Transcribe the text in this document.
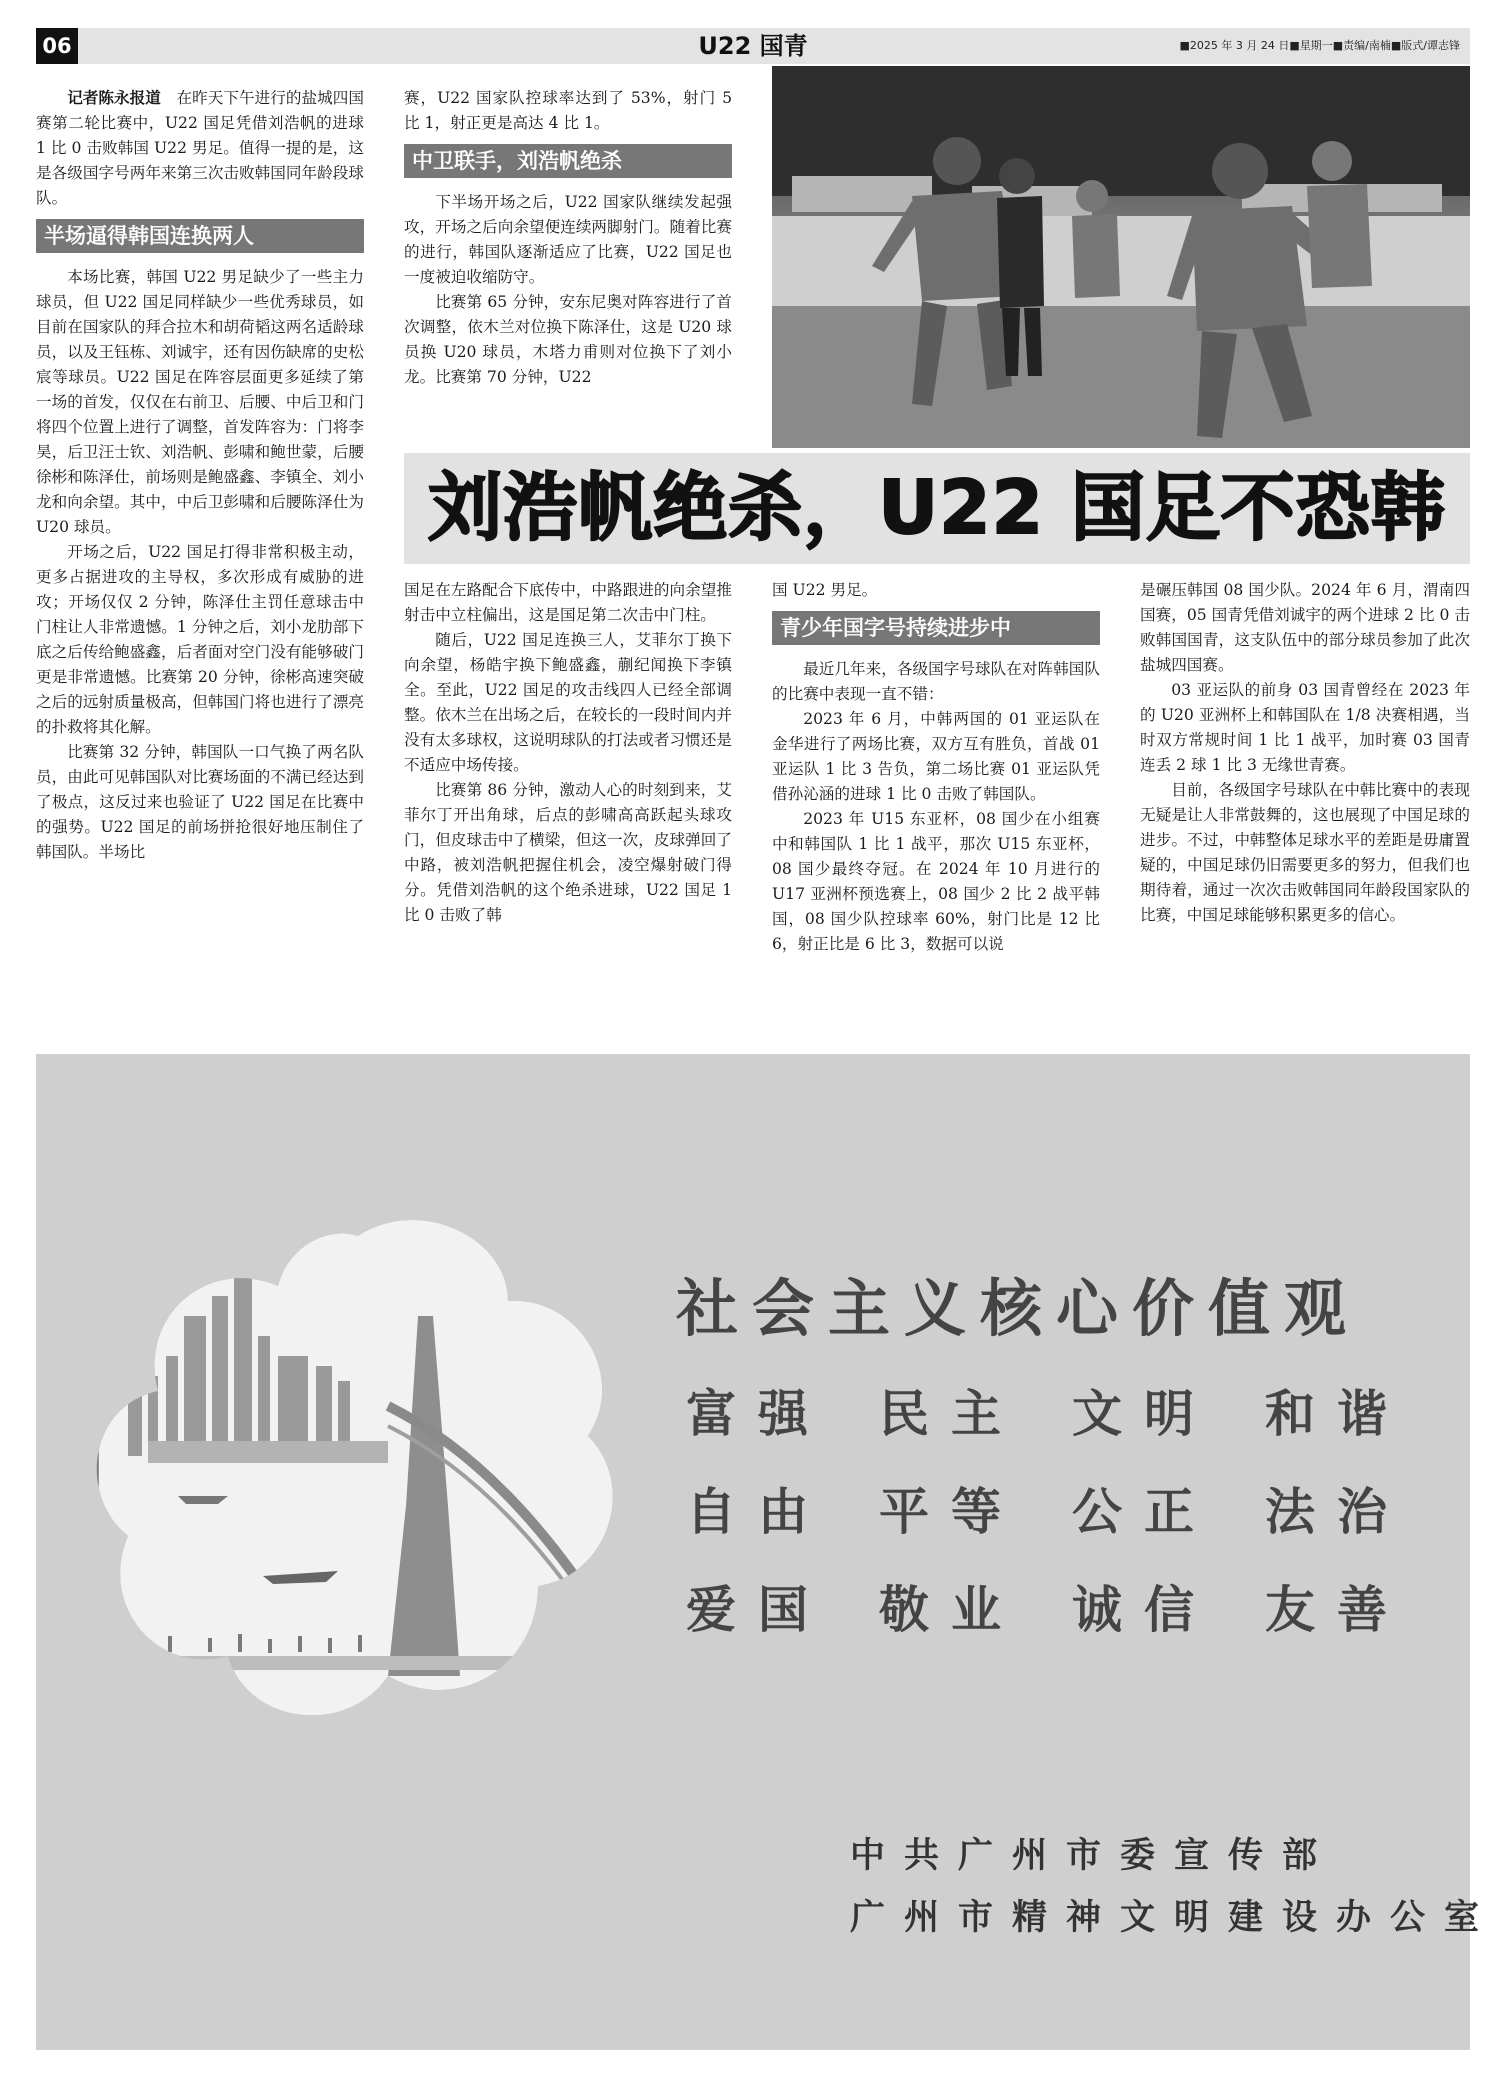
U22 国青
06	■2025 年 3 月 24 日■星期一■责编/南楠■版式/谭志锋

记者陈永报道　 在昨天下午进行的盐城四国赛第二轮比赛中，U22 国足凭借刘浩帆的进球 1 比 0 击败韩国 U22 男足。值得一提的是，这是各级国字号两年来第三次击败韩国同年龄段球队。

半场逼得韩国连换两人

本场比赛，韩国 U22 男足缺少了一些主力球员，但 U22 国足同样缺少一些优秀球员，如目前在国家队的拜合拉木和胡荷韬这两名适龄球员，以及王钰栋、刘诚宇，还有因伤缺席的史松宸等球员。U22 国足在阵容层面更多延续了第一场的首发，仅仅在右前卫、后腰、中后卫和门将四个位置上进行了调整，首发阵容为：门将李昊，后卫汪士钦、刘浩帆、彭啸和鲍世蒙，后腰徐彬和陈泽仕，前场则是鲍盛鑫、李镇全、刘小龙和向余望。其中，中后卫彭啸和后腰陈泽仕为 U20 球员。

开场之后，U22 国足打得非常积极主动，更多占据进攻的主导权，多次形成有威胁的进攻；开场仅仅 2 分钟，陈泽仕主罚任意球击中门柱让人非常遗憾。1 分钟之后，刘小龙肋部下底之后传给鲍盛鑫，后者面对空门没有能够破门更是非常遗憾。比赛第 20 分钟，徐彬高速突破之后的远射质量极高，但韩国门将也进行了漂亮的扑救将其化解。

比赛第 32 分钟，韩国队一口气换了两名队员，由此可见韩国队对比赛场面的不满已经达到了极点，这反过来也验证了 U22 国足在比赛中的强势。U22 国足的前场拼抢很好地压制住了韩国队。半场比

赛，U22 国家队控球率达到了 53%，射门 5 比 1，射正更是高达 4 比 1。

中卫联手，刘浩帆绝杀

下半场开场之后，U22 国家队继续发起强攻，开场之后向余望便连续两脚射门。随着比赛的进行，韩国队逐渐适应了比赛，U22 国足也一度被迫收缩防守。

比赛第 65 分钟，安东尼奥对阵容进行了首次调整，依木兰对位换下陈泽仕，这是 U20 球员换 U20 球员，木塔力甫则对位换下了刘小龙。比赛第 70 分钟，U22

刘浩帆绝杀，U22 国足不恐韩

国足在左路配合下底传中，中路跟进的向余望推射击中立柱偏出，这是国足第二次击中门柱。

随后，U22 国足连换三人，艾菲尔丁换下向余望，杨皓宇换下鲍盛鑫，蒯纪闻换下李镇全。至此，U22 国足的攻击线四人已经全部调整。依木兰在出场之后，在较长的一段时间内并没有太多球权，这说明球队的打法或者习惯还是不适应中场传接。

比赛第 86 分钟，激动人心的时刻到来，艾菲尔丁开出角球，后点的彭啸高高跃起头球攻门，但皮球击中了横梁，但这一次，皮球弹回了中路，被刘浩帆把握住机会，凌空爆射破门得分。凭借刘浩帆的这个绝杀进球，U22 国足 1 比 0 击败了韩

国 U22 男足。

青少年国字号持续进步中

最近几年来，各级国字号球队在对阵韩国队的比赛中表现一直不错：

2023 年 6 月，中韩两国的 01 亚运队在金华进行了两场比赛，双方互有胜负，首战 01 亚运队 1 比 3 告负，第二场比赛 01 亚运队凭借孙沁涵的进球 1 比 0 击败了韩国队。

2023 年 U15 东亚杯，08 国少在小组赛中和韩国队 1 比 1 战平，那次 U15 东亚杯，08 国少最终夺冠。在 2024 年 10 月进行的 U17 亚洲杯预选赛上，08 国少 2 比 2 战平韩国，08 国少队控球率 60%，射门比是 12 比 6，射正比是 6 比 3，数据可以说

是碾压韩国 08 国少队。2024 年 6 月，渭南四国赛，05 国青凭借刘诚宇的两个进球 2 比 0 击败韩国国青，这支队伍中的部分球员参加了此次盐城四国赛。

03 亚运队的前身 03 国青曾经在 2023 年的 U20 亚洲杯上和韩国队在 1/8 决赛相遇，当时双方常规时间 1 比 1 战平，加时赛 03 国青连丢 2 球 1 比 3 无缘世青赛。

目前，各级国字号球队在中韩比赛中的表现无疑是让人非常鼓舞的，这也展现了中国足球的进步。不过，中韩整体足球水平的差距是毋庸置疑的，中国足球仍旧需要更多的努力，但我们也期待着，通过一次次击败韩国同年龄段国家队的比赛，中国足球能够积累更多的信心。

社会主义核心价值观
富强 民主 文明 和谐
自由 平等 公正 法治
爱国 敬业 诚信 友善
中共广州市委宣传部
广州市精神文明建设办公室
